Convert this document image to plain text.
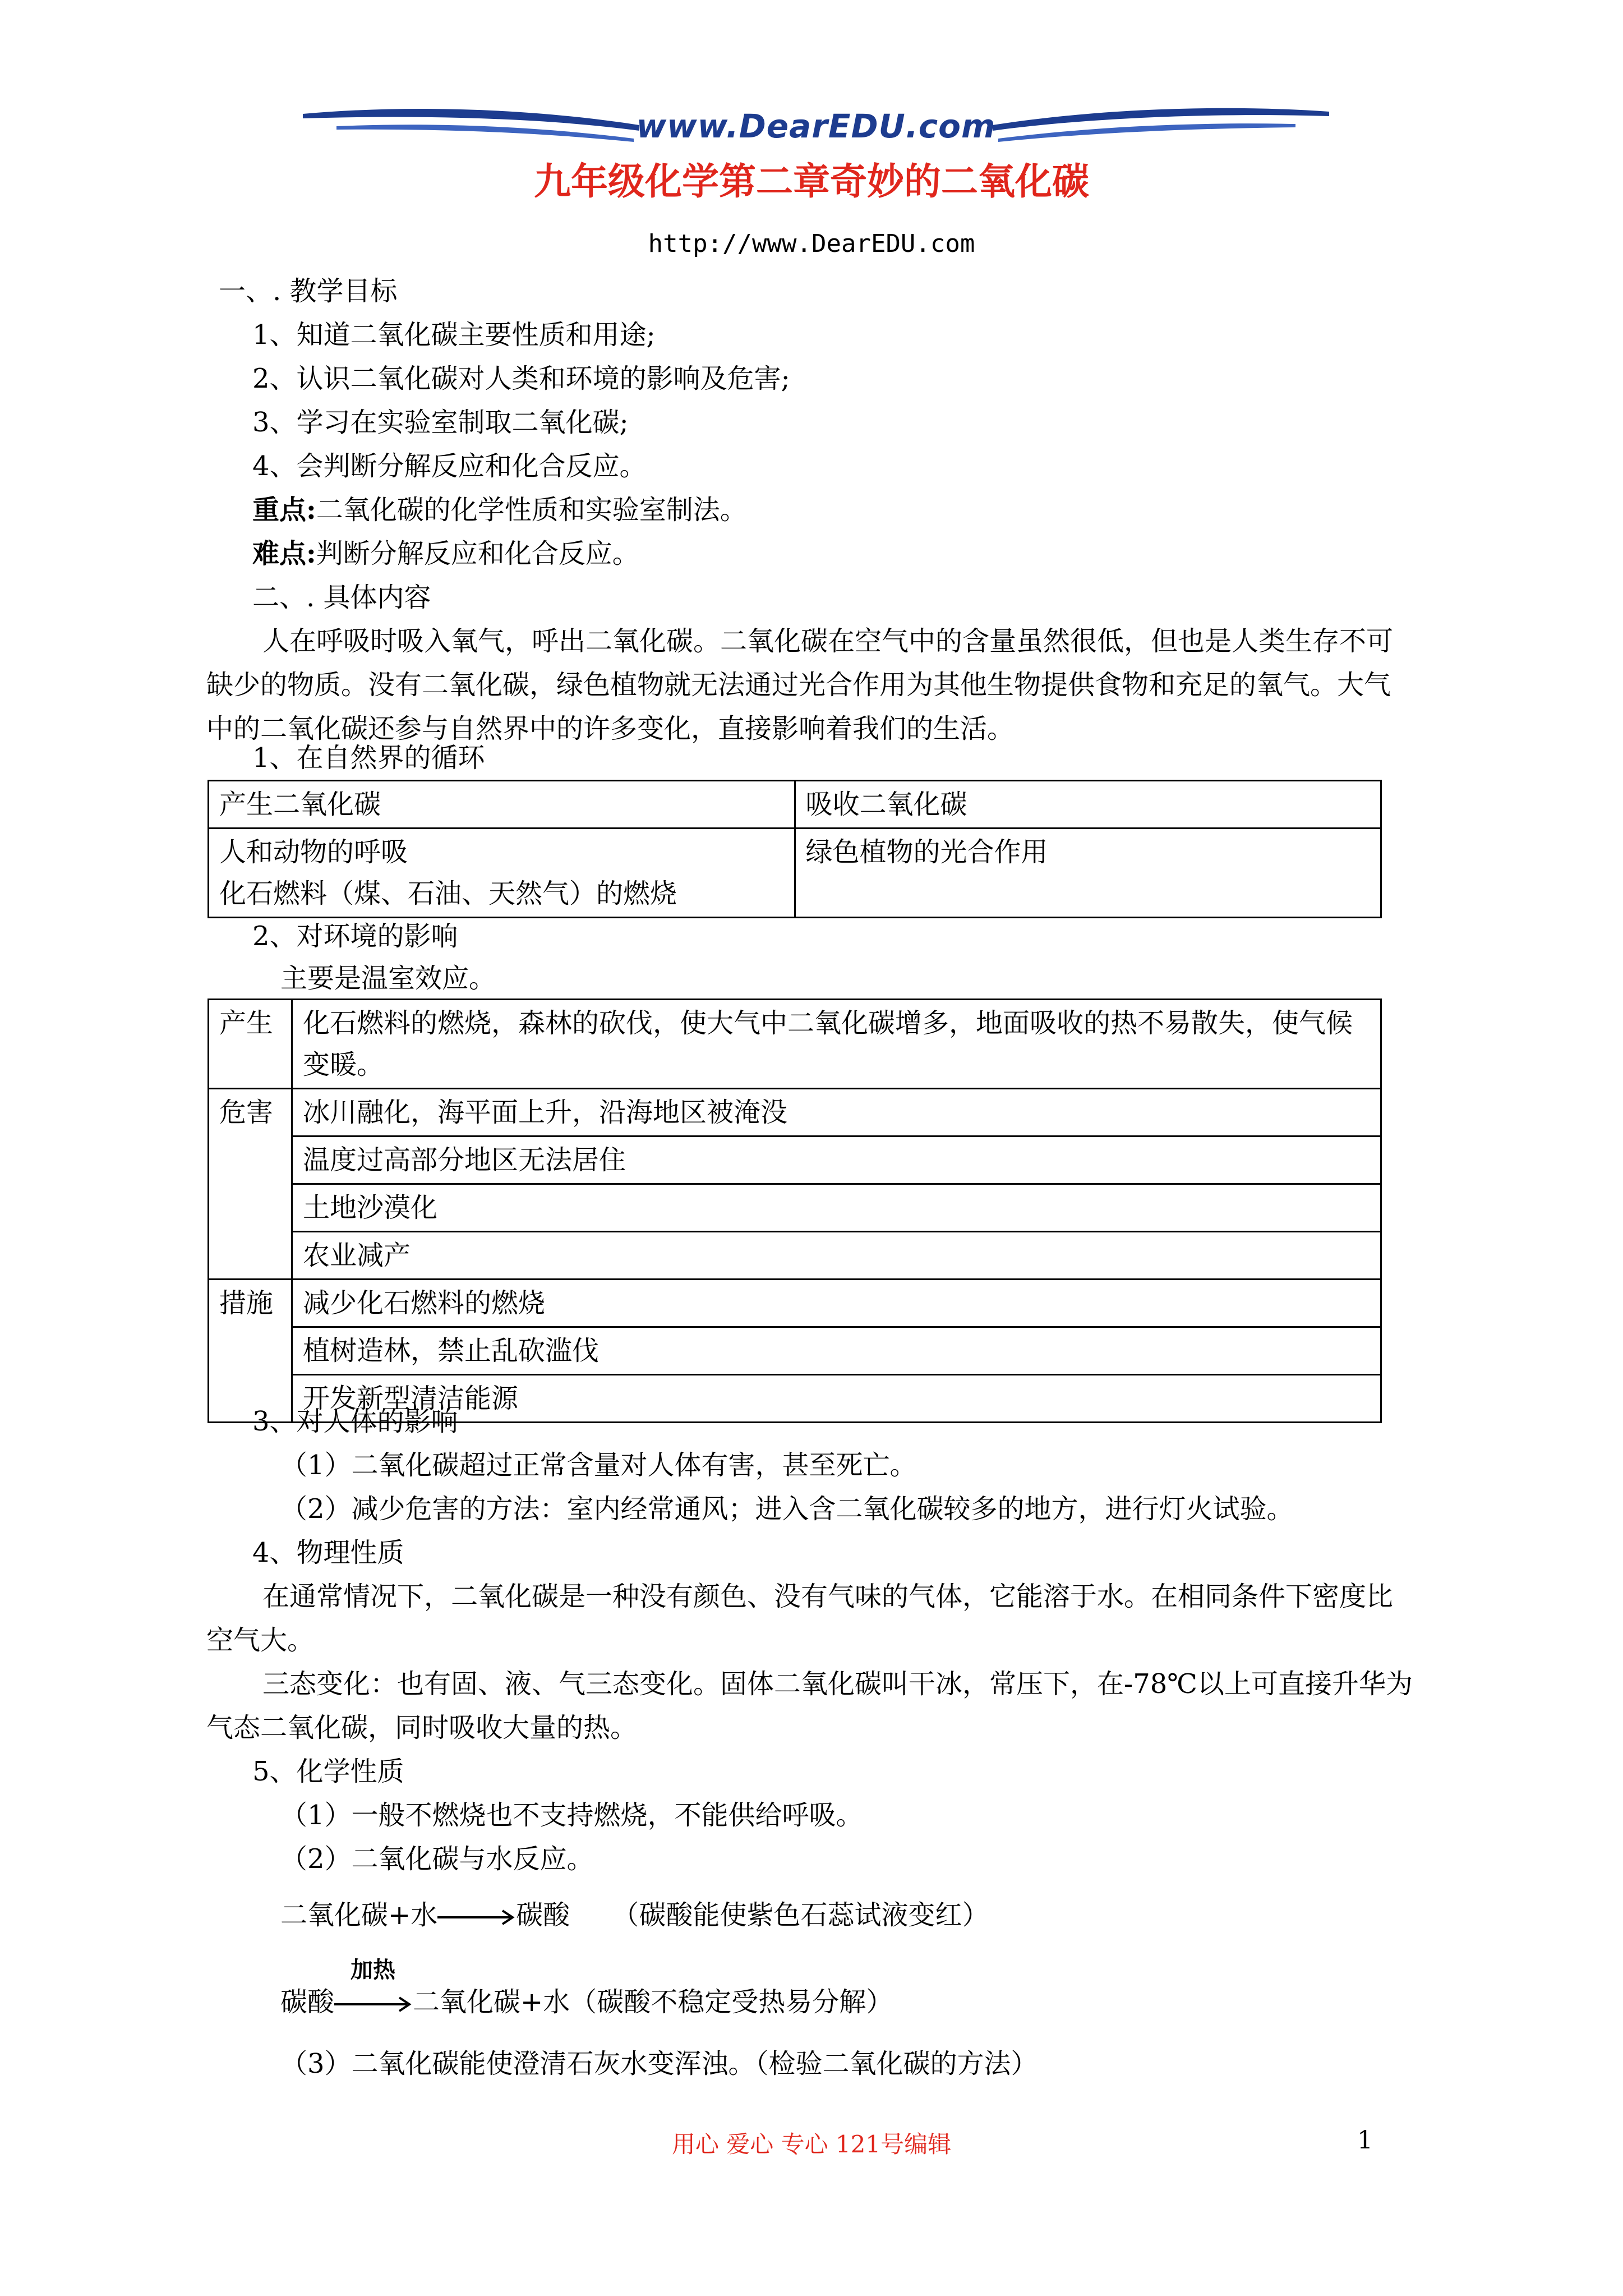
www.DearEDU.com
九年级化学第二章奇妙的二氧化碳
http://www.DearEDU.com
一、. 教学目标
1、知道二氧化碳主要性质和用途;
2、认识二氧化碳对人类和环境的影响及危害;
3、学习在实验室制取二氧化碳;
4、会判断分解反应和化合反应。
重点:二氧化碳的化学性质和实验室制法。
难点:判断分解反应和化合反应。
二、. 具体内容
人在呼吸时吸入氧气，呼出二氧化碳。二氧化碳在空气中的含量虽然很低，但也是人类生存不可缺少的物质。没有二氧化碳，绿色植物就无法通过光合作用为其他生物提供食物和充足的氧气。大气中的二氧化碳还参与自然界中的许多变化，直接影响着我们的生活。
1、在自然界的循环
产生二氧化碳	吸收二氧化碳

人和动物的呼吸
化石燃料（煤、石油、天然气）的燃烧	绿色植物的光合作用
2、对环境的影响
主要是温室效应。
产生	化石燃料的燃烧，森林的砍伐，使大气中二氧化碳增多，地面吸收的热不易散失，使气候变暖。
危害	冰川融化，海平面上升，沿海地区被淹没
	温度过高部分地区无法居住
	土地沙漠化
	农业减产
措施	减少化石燃料的燃烧
	植树造林，禁止乱砍滥伐
	开发新型清洁能源
3、对人体的影响
（1）二氧化碳超过正常含量对人体有害，甚至死亡。
（2）减少危害的方法：室内经常通风；进入含二氧化碳较多的地方，进行灯火试验。
4、物理性质
在通常情况下，二氧化碳是一种没有颜色、没有气味的气体，它能溶于水。在相同条件下密度比空气大。
三态变化：也有固、液、气三态变化。固体二氧化碳叫干冰，常压下，在-78℃以上可直接升华为气态二氧化碳，同时吸收大量的热。
5、化学性质
（1）一般不燃烧也不支持燃烧，不能供给呼吸。
（2）二氧化碳与水反应。
二氧化碳+水→碳酸 （碳酸能使紫色石蕊试液变红）
加热
碳酸	二氧化碳+水（碳酸不稳定受热易分解）
（3）二氧化碳能使澄清石灰水变浑浊。（检验二氧化碳的方法）
用心 爱心 专心 121号编辑	1
